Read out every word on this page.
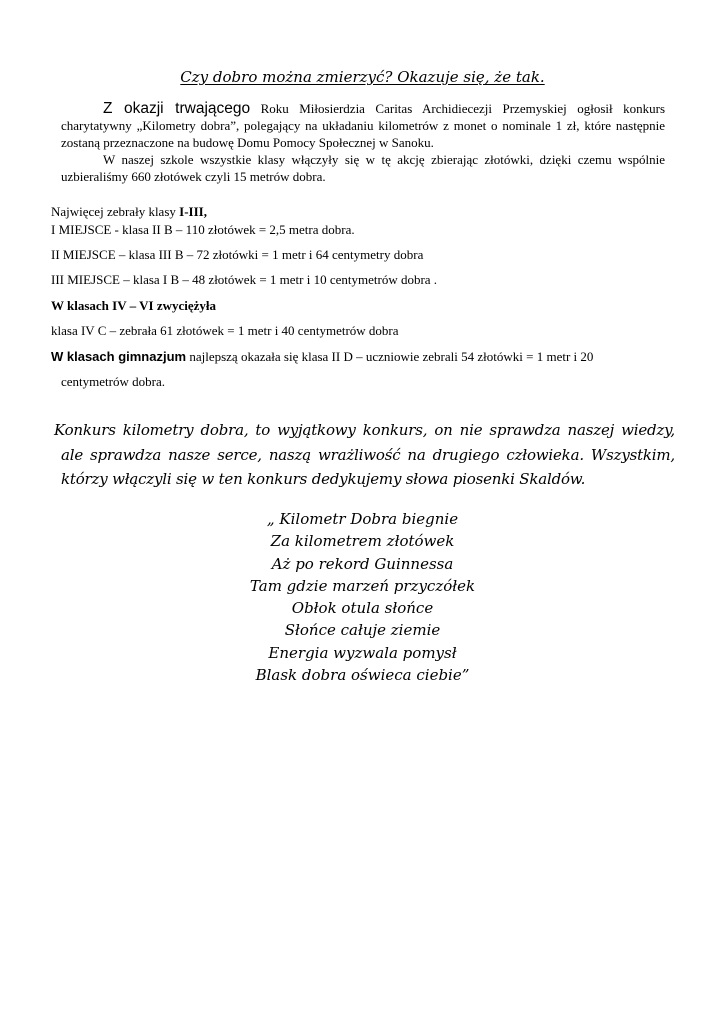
Czy dobro można zmierzyć? Okazuje się, że tak.

Z okazji trwającego Roku Miłosierdzia Caritas Archidiecezji Przemyskiej ogłosił konkurs charytatywny „Kilometry dobra”, polegający na układaniu kilometrów z monet o nominale 1 zł, które następnie zostaną przeznaczone na budowę Domu Pomocy Społecznej w Sanoku.

W naszej szkole wszystkie klasy włączyły się w tę akcję zbierając złotówki, dzięki czemu wspólnie uzbieraliśmy 660 złotówek czyli 15 metrów dobra.

Najwięcej zebrały klasy I-III,
I MIEJSCE - klasa II B – 110 złotówek = 2,5 metra dobra.
II MIEJSCE – klasa III B – 72 złotówki = 1 metr i 64 centymetry dobra
III MIEJSCE – klasa I B – 48 złotówek = 1 metr i 10 centymetrów dobra .
W klasach IV – VI zwyciężyła
klasa IV C – zebrała 61 złotówek = 1 metr i 40 centymetrów dobra
W klasach gimnazjum najlepszą okazała się klasa II D – uczniowie zebrali 54 złotówki = 1 metr i 20
centymetrów dobra.
Konkurs kilometry dobra, to wyjątkowy konkurs, on nie sprawdza naszej wiedzy, ale sprawdza nasze serce, naszą wrażliwość na drugiego człowieka. Wszystkim, którzy włączyli się w ten konkurs dedykujemy słowa piosenki Skaldów.
„ Kilometr Dobra biegnie
Za kilometrem złotówek
Aż po rekord Guinnessa
Tam gdzie marzeń przyczółek
Obłok otula słońce
Słońce całuje ziemie
Energia wyzwala pomysł
Blask dobra oświeca ciebie”
